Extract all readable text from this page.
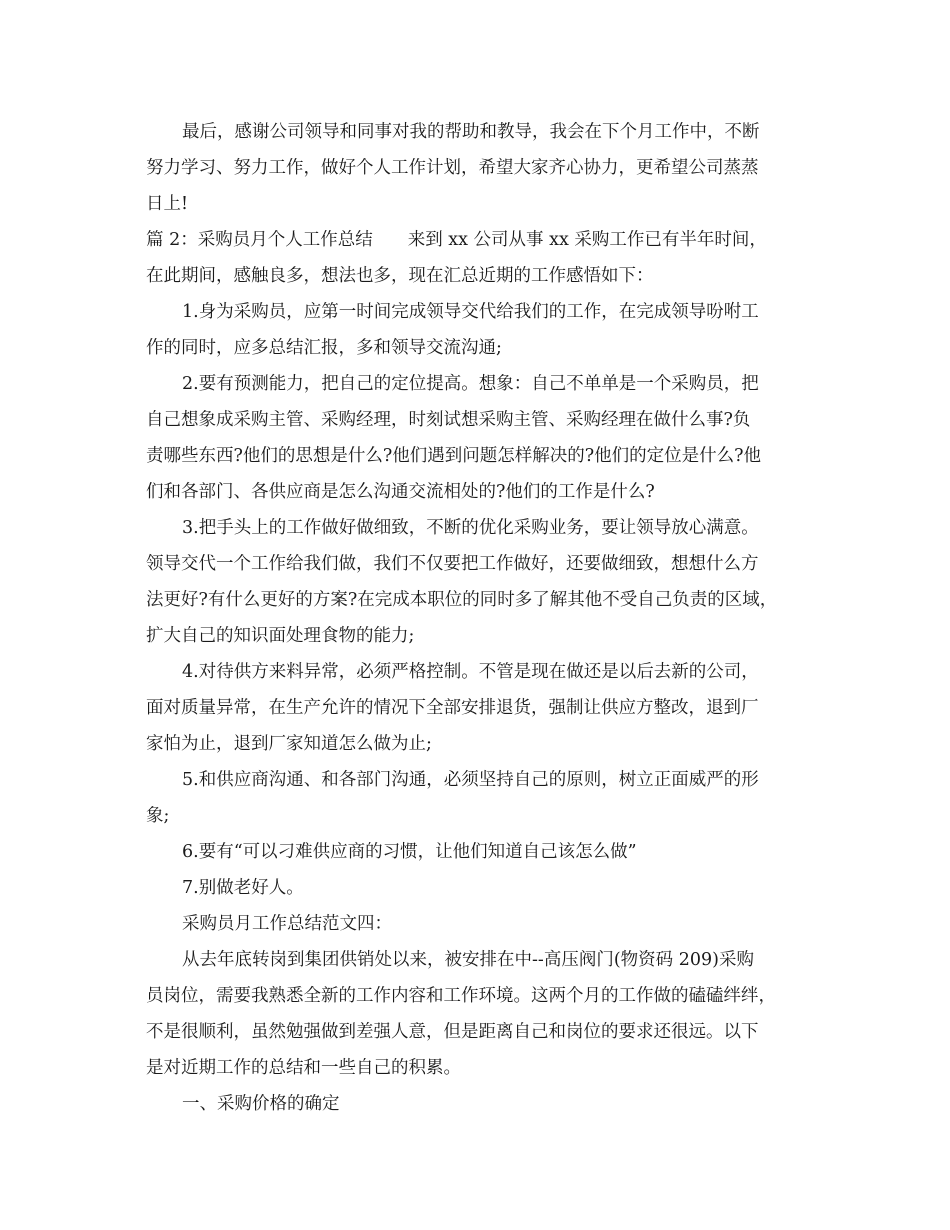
最后，感谢公司领导和同事对我的帮助和教导，我会在下个月工作中，不断
努力学习、努力工作，做好个人工作计划，希望大家齐心协力，更希望公司蒸蒸
日上!
篇 2：采购员月个人工作总结　　来到 xx 公司从事 xx 采购工作已有半年时间，
在此期间，感触良多，想法也多，现在汇总近期的工作感悟如下：
1.身为采购员，应第一时间完成领导交代给我们的工作，在完成领导吩咐工
作的同时，应多总结汇报，多和领导交流沟通;
2.要有预测能力，把自己的定位提高。想象：自己不单单是一个采购员，把
自己想象成采购主管、采购经理，时刻试想采购主管、采购经理在做什么事?负
责哪些东西?他们的思想是什么?他们遇到问题怎样解决的?他们的定位是什么?他
们和各部门、各供应商是怎么沟通交流相处的?他们的工作是什么?
3.把手头上的工作做好做细致，不断的优化采购业务，要让领导放心满意。
领导交代一个工作给我们做，我们不仅要把工作做好，还要做细致，想想什么方
法更好?有什么更好的方案?在完成本职位的同时多了解其他不受自己负责的区域，
扩大自己的知识面处理食物的能力;
4.对待供方来料异常，必须严格控制。不管是现在做还是以后去新的公司，
面对质量异常，在生产允许的情况下全部安排退货，强制让供应方整改，退到厂
家怕为止，退到厂家知道怎么做为止;
5.和供应商沟通、和各部门沟通，必须坚持自己的原则，树立正面威严的形
象;
6.要有“可以刁难供应商的习惯，让他们知道自己该怎么做”
7.别做老好人。
采购员月工作总结范文四：
从去年底转岗到集团供销处以来，被安排在中--高压阀门(物资码 209)采购
员岗位，需要我熟悉全新的工作内容和工作环境。这两个月的工作做的磕磕绊绊，
不是很顺利，虽然勉强做到差强人意，但是距离自己和岗位的要求还很远。以下
是对近期工作的总结和一些自己的积累。
一、采购价格的确定
